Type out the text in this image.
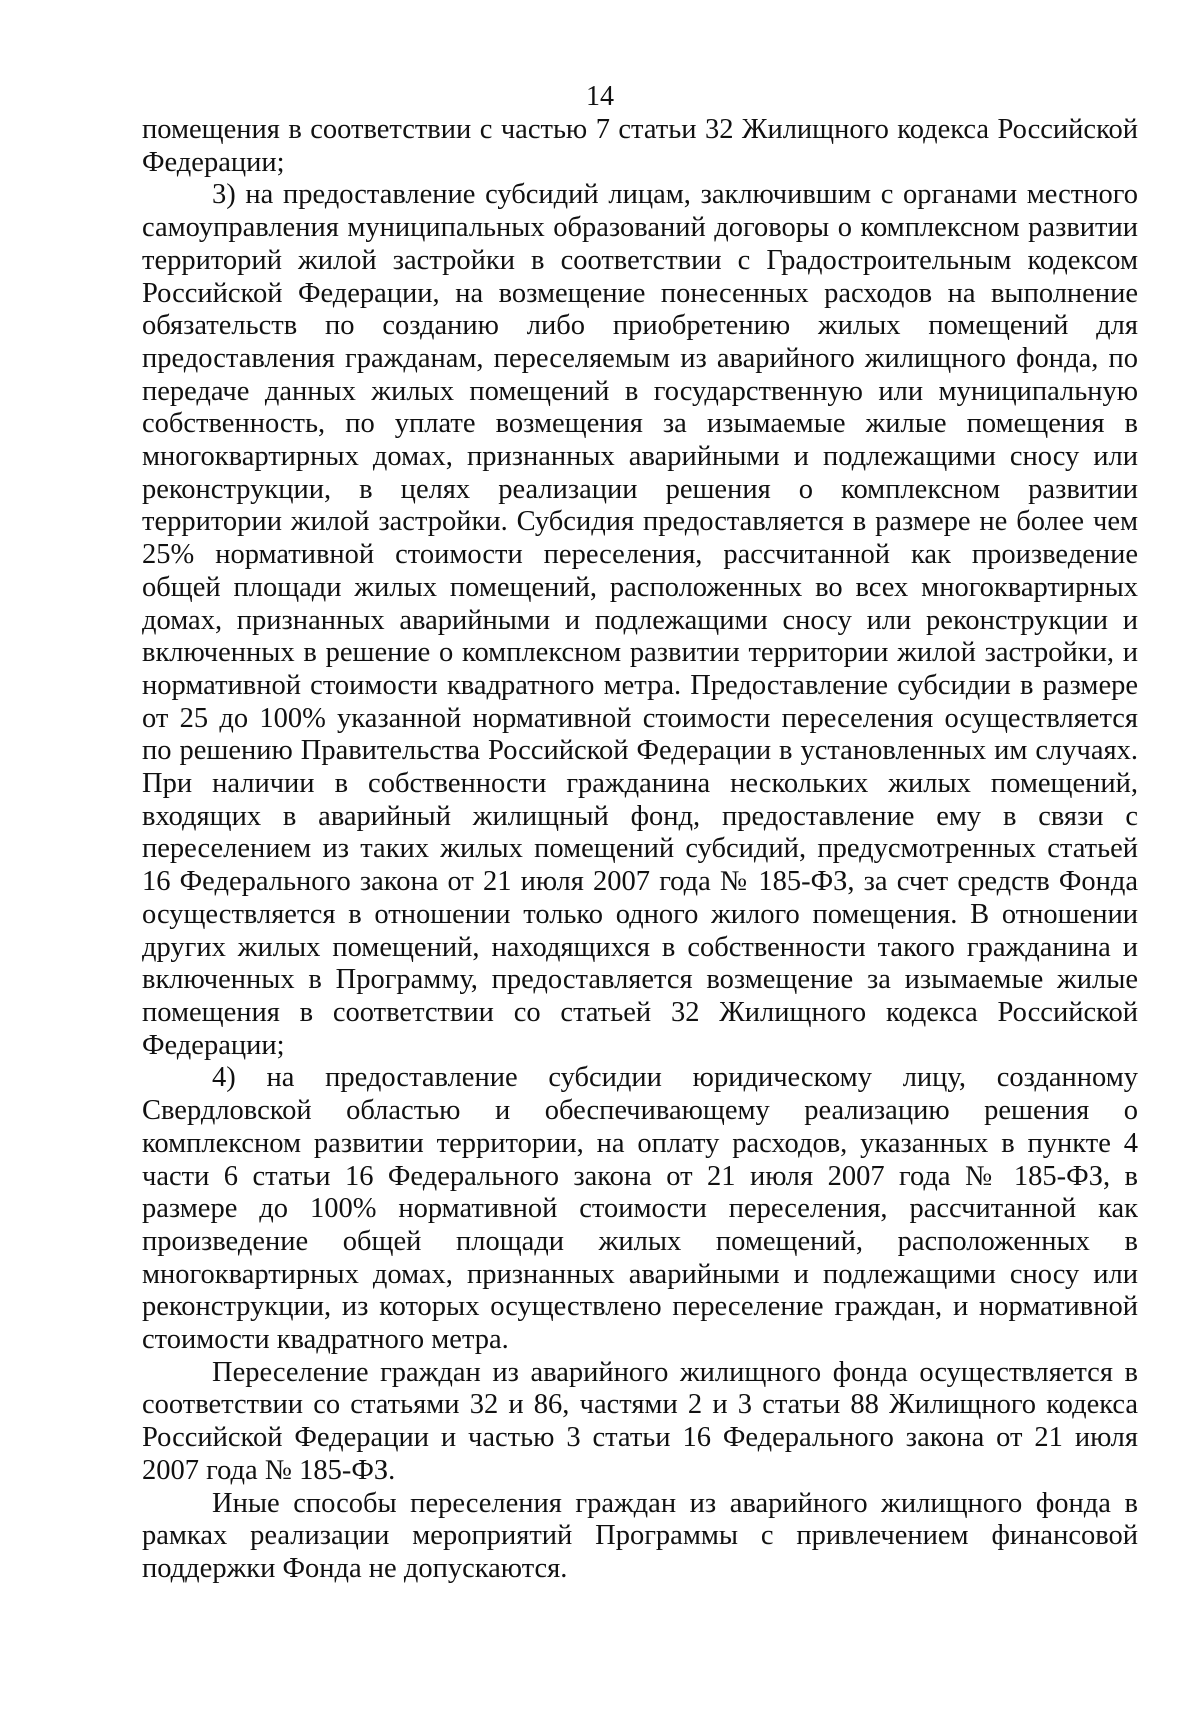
14

помещения в соответствии с частью 7 статьи 32 Жилищного кодекса Российской Федерации;

3) на предоставление субсидий лицам, заключившим с органами местного самоуправления муниципальных образований договоры о комплексном развитии территорий жилой застройки в соответствии с Градостроительным кодексом Российской Федерации, на возмещение понесенных расходов на выполнение обязательств по созданию либо приобретению жилых помещений для предоставления гражданам, переселяемым из аварийного жилищного фонда, по передаче данных жилых помещений в государственную или муниципальную собственность, по уплате возмещения за изымаемые жилые помещения в многоквартирных домах, признанных аварийными и подлежащими сносу или реконструкции, в целях реализации решения о комплексном развитии территории жилой застройки. Субсидия предоставляется в размере не более чем 25% нормативной стоимости переселения, рассчитанной как произведение общей площади жилых помещений, расположенных во всех многоквартирных домах, признанных аварийными и подлежащими сносу или реконструкции и включенных в решение о комплексном развитии территории жилой застройки, и нормативной стоимости квадратного метра. Предоставление субсидии в размере от 25 до 100% указанной нормативной стоимости переселения осуществляется по решению Правительства Российской Федерации в установленных им случаях. При наличии в собственности гражданина нескольких жилых помещений, входящих в аварийный жилищный фонд, предоставление ему в связи с переселением из таких жилых помещений субсидий, предусмотренных статьей 16 Федерального закона от 21 июля 2007 года № 185-ФЗ, за счет средств Фонда осуществляется в отношении только одного жилого помещения. В отношении других жилых помещений, находящихся в собственности такого гражданина и включенных в Программу, предоставляется возмещение за изымаемые жилые помещения в соответствии со статьей 32 Жилищного кодекса Российской Федерации;

4) на предоставление субсидии юридическому лицу, созданному Свердловской областью и обеспечивающему реализацию решения о комплексном развитии территории, на оплату расходов, указанных в пункте 4 части 6 статьи 16 Федерального закона от 21 июля 2007 года № 185-ФЗ, в размере до 100% нормативной стоимости переселения, рассчитанной как произведение общей площади жилых помещений, расположенных в многоквартирных домах, признанных аварийными и подлежащими сносу или реконструкции, из которых осуществлено переселение граждан, и нормативной стоимости квадратного метра.

Переселение граждан из аварийного жилищного фонда осуществляется в соответствии со статьями 32 и 86, частями 2 и 3 статьи 88 Жилищного кодекса Российской Федерации и частью 3 статьи 16 Федерального закона от 21 июля 2007 года № 185-ФЗ.

Иные способы переселения граждан из аварийного жилищного фонда в рамках реализации мероприятий Программы с привлечением финансовой поддержки Фонда не допускаются.
